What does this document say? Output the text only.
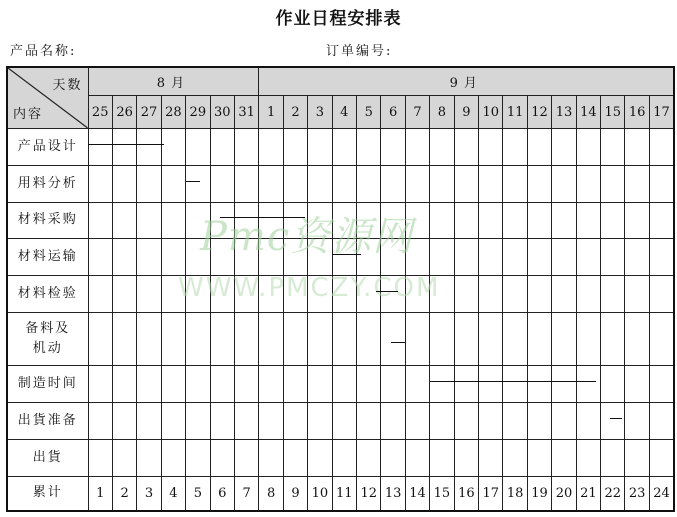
作业日程安排表
产品名称:	订单编号:
天数
内容	8月							9月																
	25	26	27	28	29	30	31	1	2	3	4	5	6	7	8	9	10	11	12	13	14	15	16	17
产品设计																								
用料分析																								
材料采购																								
材料运输																								
材料检验																								

备料及
机动																								

制造时间																								
出貨准备																								
出貨																								
累计	1	2	3	4	5	6	7	8	9	10	11	12	13	14	15	16	17	18	19	20	21	22	23	24
Pmc资源网
WWW.PMCZY.COM
